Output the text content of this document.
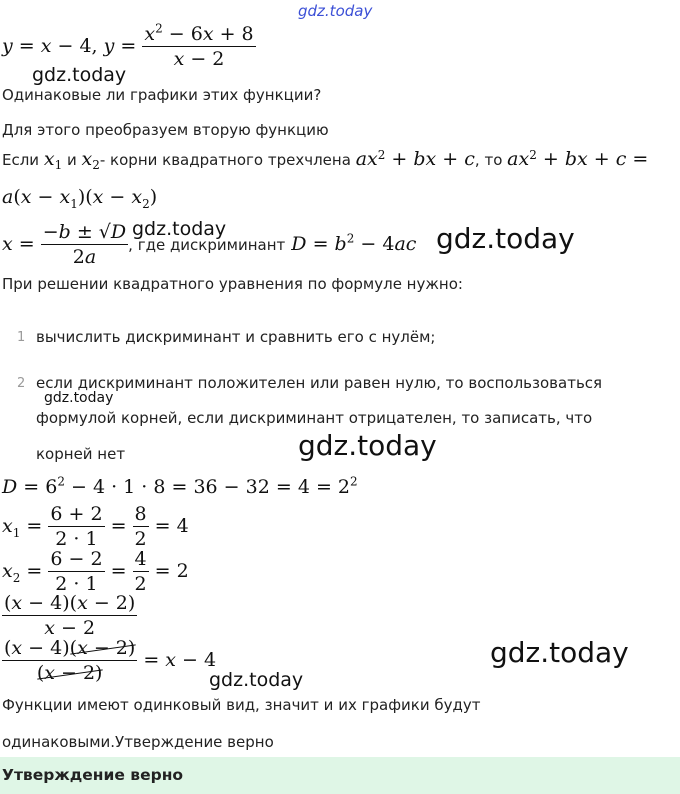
gdz.today
y = x − 4, $y = \frac{x^2 - 6x + 8}{x - 2}$
gdz.today
Одинаковые ли графики этих функции?
Для этого преобразуем вторую функцию
Если $x_1$ и $x_2-$ корни квадратного трехчлена $ax^2$ + bx + c, то $ax^2$ + bx + c =
$a(x - x_1)(x - x_2)$
$x = \frac{-b \pm √D}{2a}$ , где дискриминант $D = b^2 - 4ac$
gdz.today	gdz.today
При решении квадратного уравнения по формуле нужно:
1 вычислить дискриминант и сравнить его с нулём;
2 если дискриминант положителен или равен нулю, то воспользоваться
gdz.today
формулой корней, если дискриминант отрицателен, то записать, что
корней нет	gdz.today
$D = 6^2 - 4 \cdot 1 \cdot 8 = 36 - 32 = 4 = 2^2$
$x_1 = \frac{6 + 2}{2 \cdot 1} = \frac{8}{2} = 4$
$x_2 = \frac{6 - 2}{2 \cdot 1} = \frac{4}{2} = 2$
$\frac{(x - 4)(x - 2)}{x - 2}$
$\frac{(x - 4)(x - 2)}{(x - 2)} = x - 4$	gdz.today
gdz.today
Функции имеют одинковый вид, значит и их графики будут
одинаковыми.Утверждение верно
Утверждение верно
